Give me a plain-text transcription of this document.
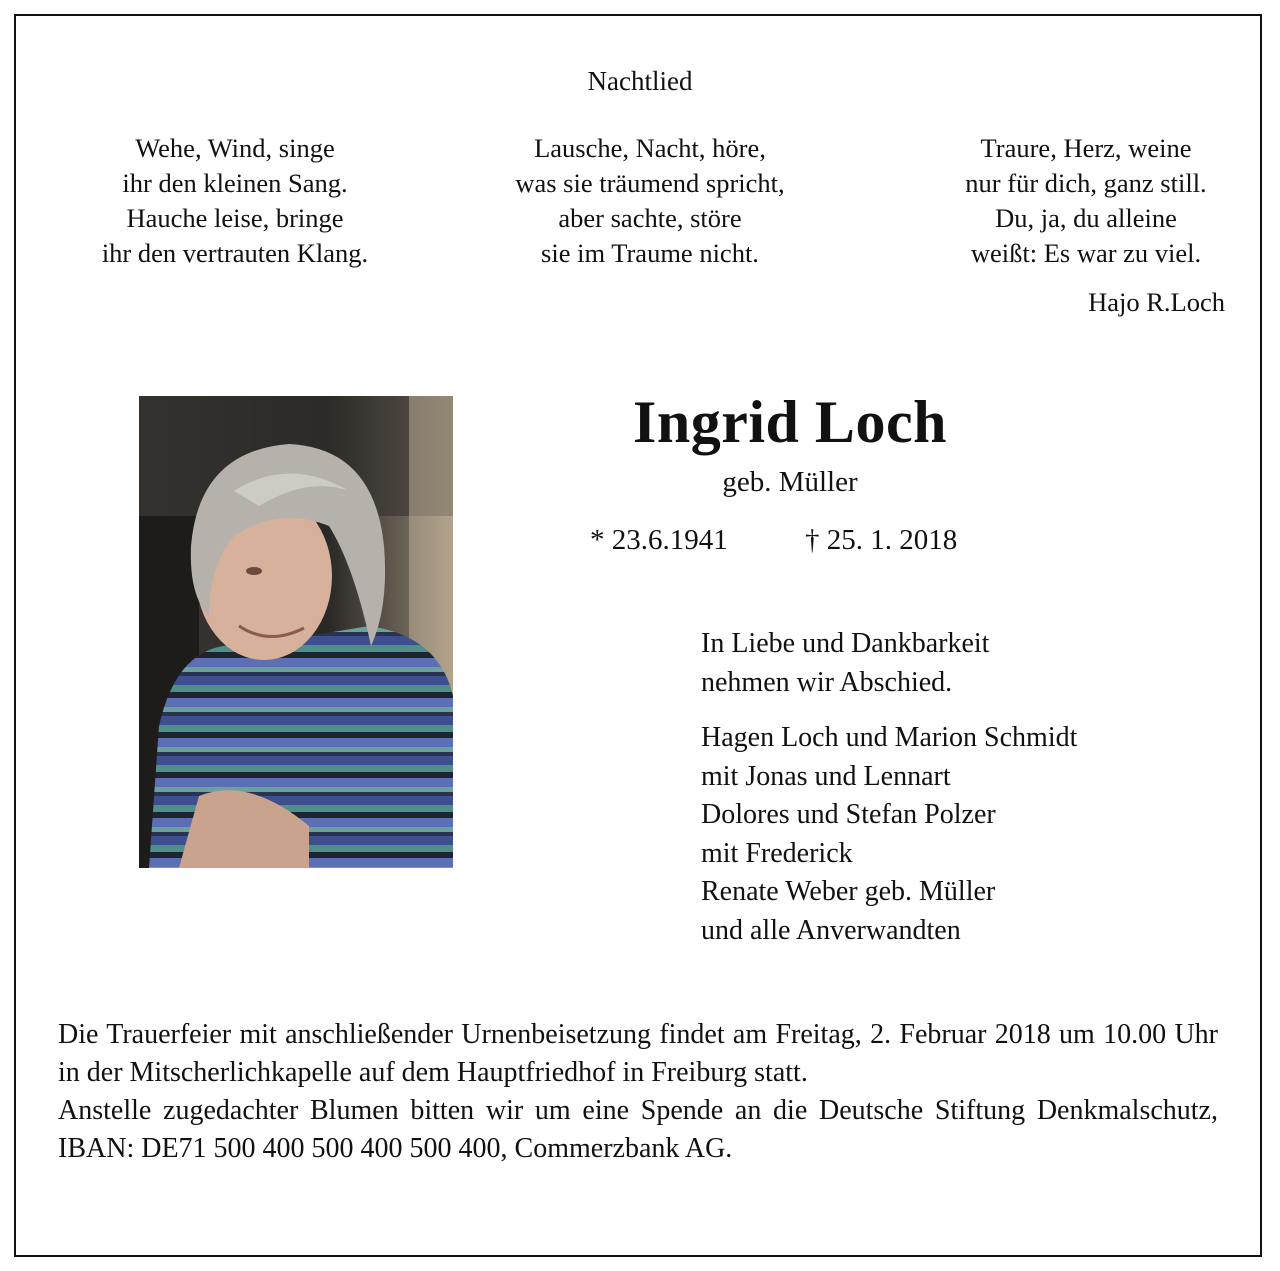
Nachtlied
Wehe, Wind, singe
ihr den kleinen Sang.
Hauche leise, bringe
ihr den vertrauten Klang.
Lausche, Nacht, höre,
was sie träumend spricht,
aber sachte, störe
sie im Traume nicht.
Traure, Herz, weine
nur für dich, ganz still.
Du, ja, du alleine
weißt: Es war zu viel.
Hajo R.Loch
Ingrid Loch
geb. Müller
* 23.6.1941	† 25. 1. 2018
In Liebe und Dankbarkeit
nehmen wir Abschied.
Hagen Loch und Marion Schmidt
mit Jonas und Lennart
Dolores und Stefan Polzer
mit Frederick
Renate Weber geb. Müller
und alle Anverwandten

Die Trauerfeier mit anschließender Urnenbeisetzung findet am Freitag, 2. Februar 2018 um 10.00 Uhr in der Mitscherlichkapelle auf dem Hauptfriedhof in Freiburg statt.

Anstelle zugedachter Blumen bitten wir um eine Spende an die Deutsche Stiftung Denkmalschutz, IBAN: DE71 500 400 500 400 500 400, Commerzbank AG.
